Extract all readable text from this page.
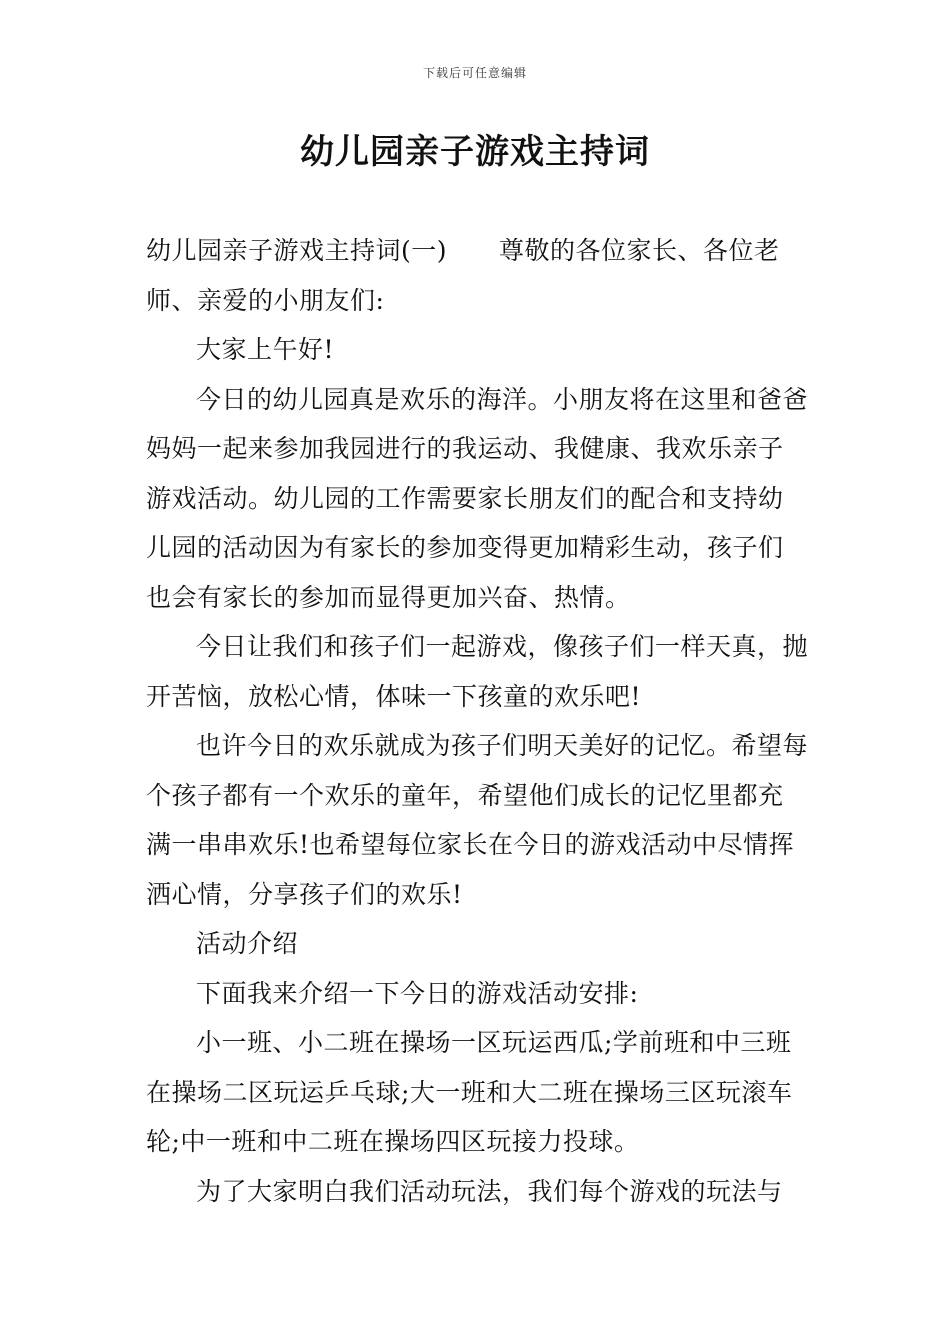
下载后可任意编辑
幼儿园亲子游戏主持词

幼儿园亲子游戏主持词(一) 尊敬的各位家长、各位老师、亲爱的小朋友们:

大家上午好!

今日的幼儿园真是欢乐的海洋。小朋友将在这里和爸爸妈妈一起来参加我园进行的我运动、我健康、我欢乐亲子游戏活动。幼儿园的工作需要家长朋友们的配合和支持幼儿园的活动因为有家长的参加变得更加精彩生动，孩子们也会有家长的参加而显得更加兴奋、热情。

今日让我们和孩子们一起游戏，像孩子们一样天真，抛开苦恼，放松心情，体味一下孩童的欢乐吧!

也许今日的欢乐就成为孩子们明天美好的记忆。希望每个孩子都有一个欢乐的童年，希望他们成长的记忆里都充满一串串欢乐!也希望每位家长在今日的游戏活动中尽情挥洒心情，分享孩子们的欢乐!

活动介绍

下面我来介绍一下今日的游戏活动安排:

小一班、小二班在操场一区玩运西瓜;学前班和中三班在操场二区玩运乒乓球;大一班和大二班在操场三区玩滚车轮;中一班和中二班在操场四区玩接力投球。

为了大家明白我们活动玩法，我们每个游戏的玩法与
